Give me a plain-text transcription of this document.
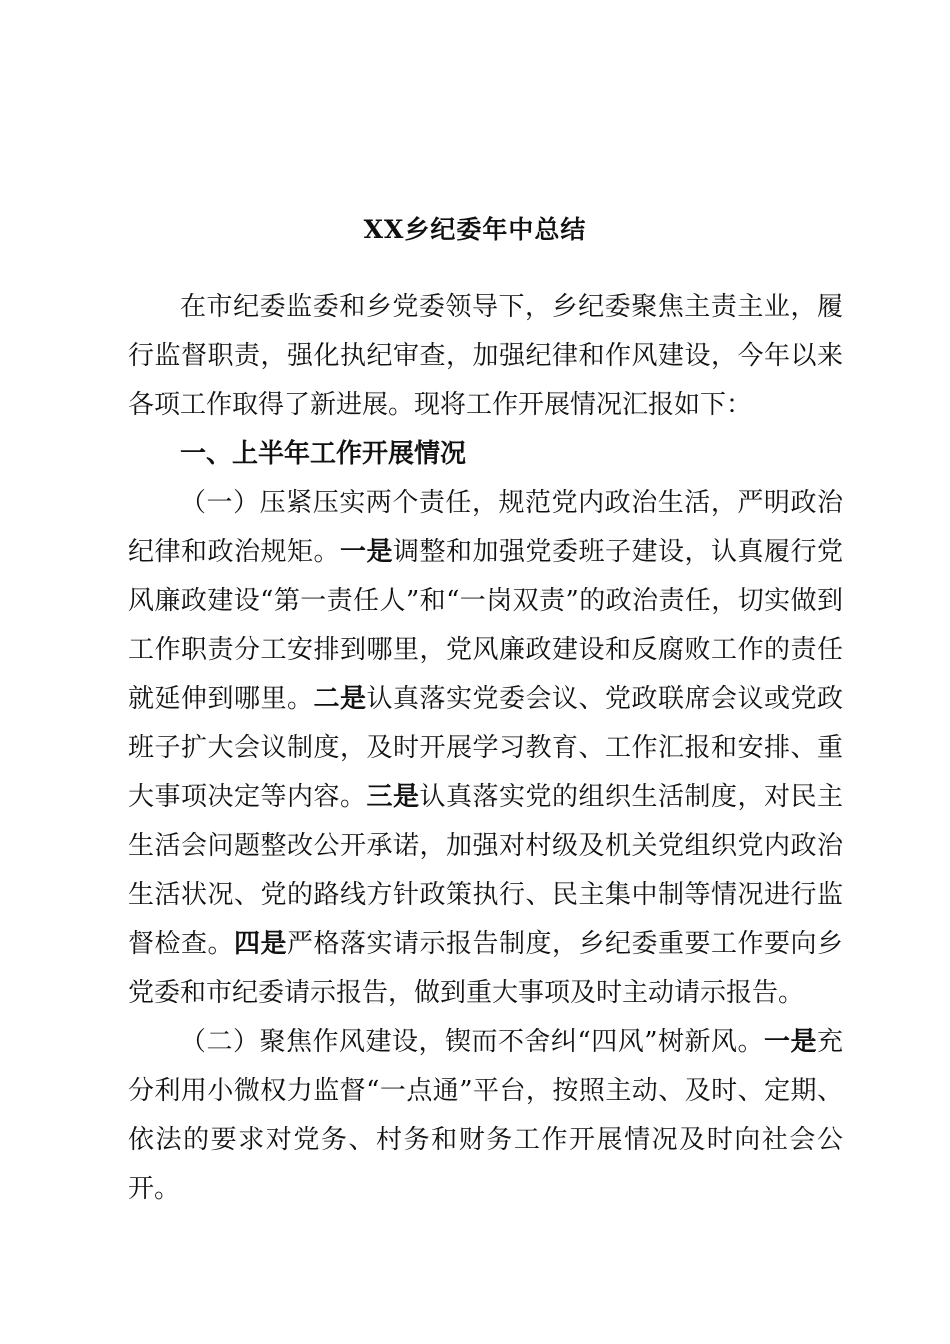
XX乡纪委年中总结

在市纪委监委和乡党委领导下，乡纪委聚焦主责主业，履行监督职责，强化执纪审查，加强纪律和作风建设，今年以来各项工作取得了新进展。现将工作开展情况汇报如下：

一、上半年工作开展情况

（一）压紧压实两个责任，规范党内政治生活，严明政治纪律和政治规矩。一是调整和加强党委班子建设，认真履行党风廉政建设“第一责任人”和“一岗双责”的政治责任，切实做到工作职责分工安排到哪里，党风廉政建设和反腐败工作的责任就延伸到哪里。二是认真落实党委会议、党政联席会议或党政班子扩大会议制度，及时开展学习教育、工作汇报和安排、重大事项决定等内容。三是认真落实党的组织生活制度，对民主生活会问题整改公开承诺，加强对村级及机关党组织党内政治生活状况、党的路线方针政策执行、民主集中制等情况进行监督检查。四是严格落实请示报告制度，乡纪委重要工作要向乡党委和市纪委请示报告，做到重大事项及时主动请示报告。

（二）聚焦作风建设，锲而不舍纠“四风”树新风。一是充分利用小微权力监督“一点通”平台，按照主动、及时、定期、依法的要求对党务、村务和财务工作开展情况及时向社会公开。
